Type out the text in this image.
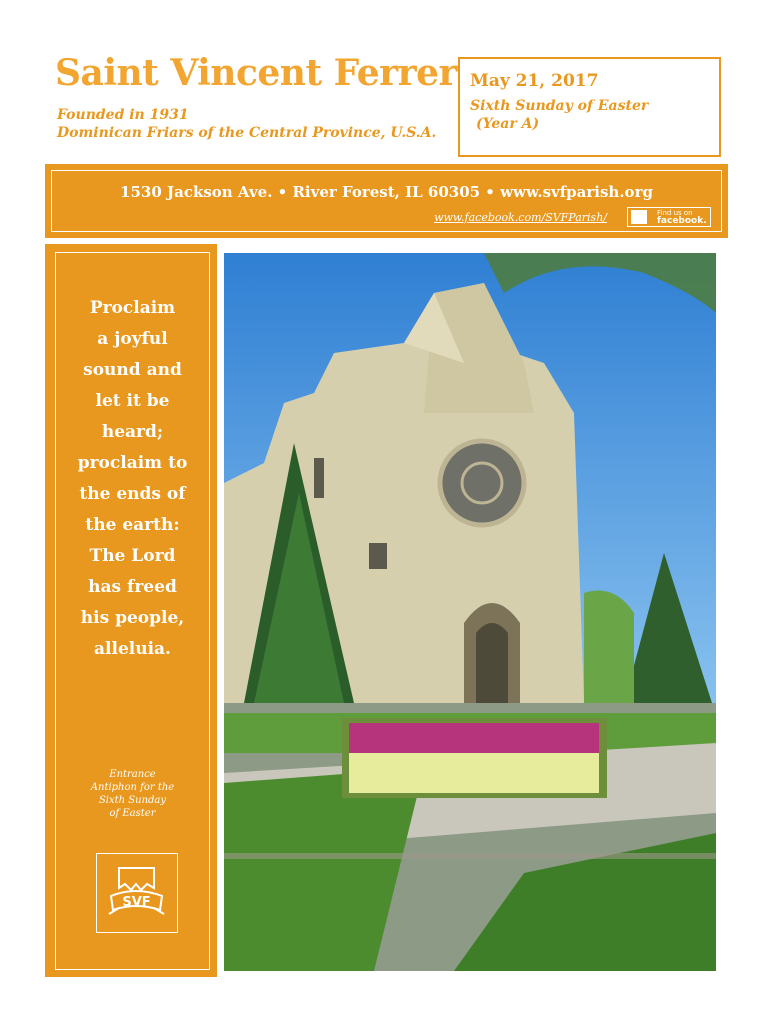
Saint Vincent Ferrer
Founded in 1931
Dominican Friars of the Central Province, U.S.A.
May 21, 2017
Sixth Sunday of Easter
(Year A)
1530 Jackson Ave. • River Forest, IL 60305 • www.svfparish.org
www.facebook.com/SVFParish/	Find us on
facebook.
Proclaim
a joyful
sound and
let it be
heard;
proclaim to
the ends of
the earth:
The Lord
has freed
his people,
alleluia.
Entrance
Antiphon for the
Sixth Sunday
of Easter
SVF
